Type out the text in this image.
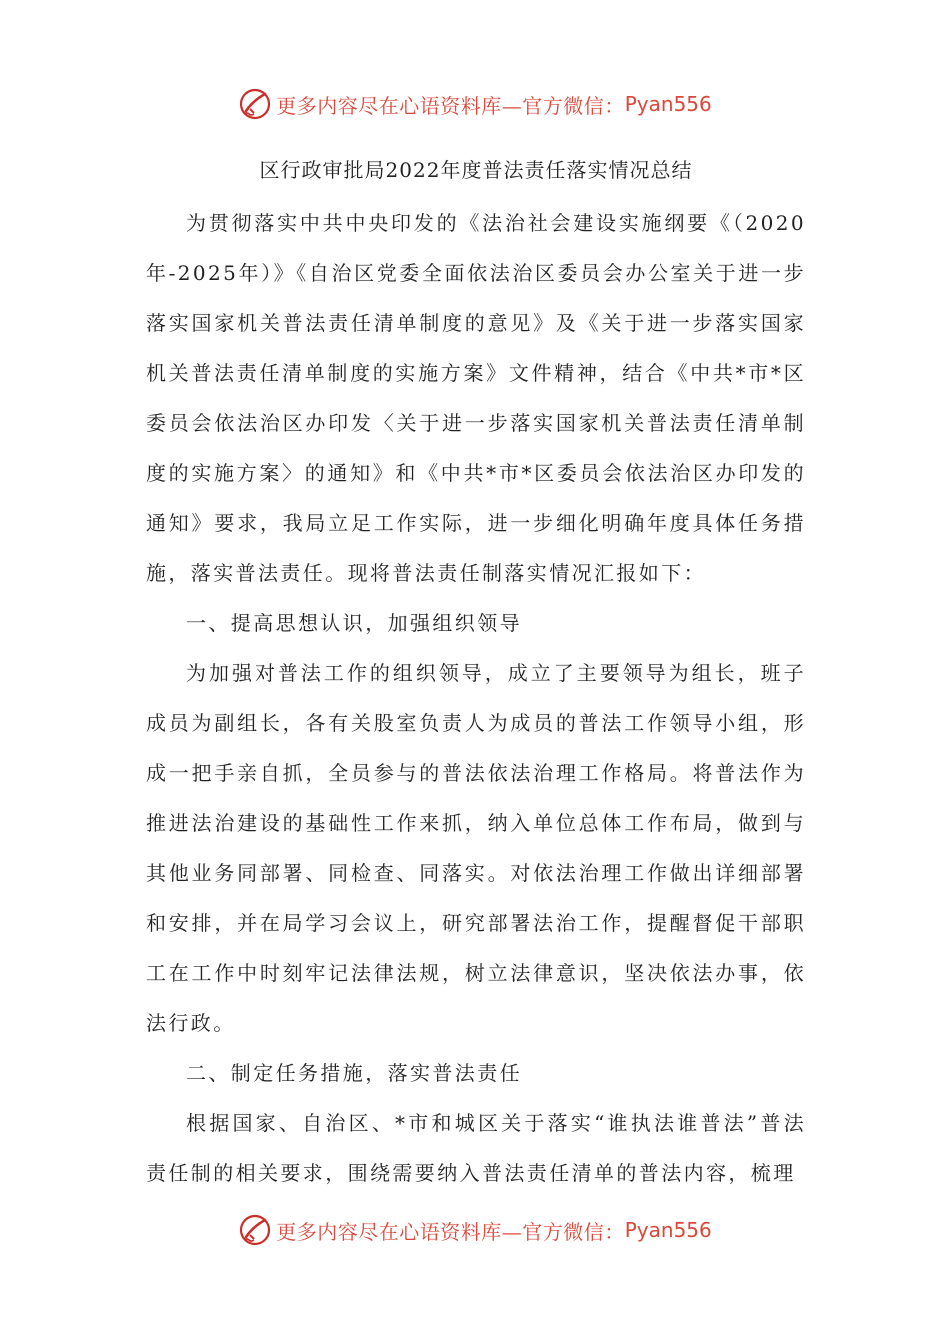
更多内容尽在心语资料库—官方微信： Pyan556
区行政审批局2022年度普法责任落实情况总结

为贯彻落实中共中央印发的《法治社会建设实施纲要《（2020年-2025年）》《自治区党委全面依法治区委员会办公室关于进一步落实国家机关普法责任清单制度的意见》及《关于进一步落实国家机关普法责任清单制度的实施方案》文件精神，结合《中共*市*区委员会依法治区办印发〈关于进一步落实国家机关普法责任清单制度的实施方案〉的通知》和《中共*市*区委员会依法治区办印发的通知》要求，我局立足工作实际，进一步细化明确年度具体任务措施，落实普法责任。现将普法责任制落实情况汇报如下：

一、提高思想认识，加强组织领导

为加强对普法工作的组织领导，成立了主要领导为组长，班子成员为副组长，各有关股室负责人为成员的普法工作领导小组，形成一把手亲自抓，全员参与的普法依法治理工作格局。将普法作为推进法治建设的基础性工作来抓，纳入单位总体工作布局，做到与其他业务同部署、同检查、同落实。对依法治理工作做出详细部署和安排，并在局学习会议上，研究部署法治工作，提醒督促干部职工在工作中时刻牢记法律法规，树立法律意识，坚决依法办事，依法行政。

二、制定任务措施，落实普法责任

根据国家、自治区、*市和城区关于落实“谁执法谁普法”普法责任制的相关要求，围绕需要纳入普法责任清单的普法内容，梳理

更多内容尽在心语资料库—官方微信： Pyan556
